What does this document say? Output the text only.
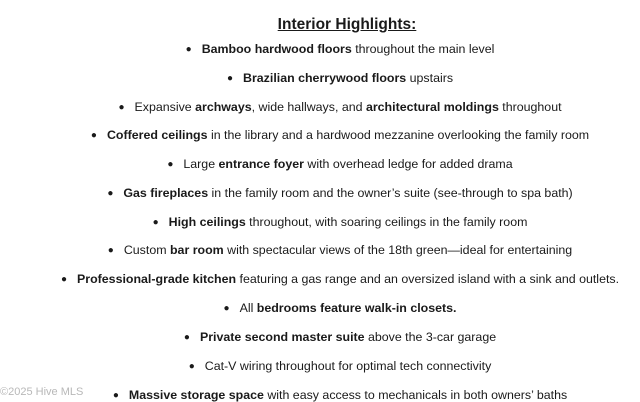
Interior Highlights:
● Bamboo hardwood floors throughout the main level
● Brazilian cherrywood floors upstairs
● Expansive archways, wide hallways, and architectural moldings throughout
● Coffered ceilings in the library and a hardwood mezzanine overlooking the family room
● Large entrance foyer with overhead ledge for added drama
● Gas fireplaces in the family room and the owner’s suite (see-through to spa bath)
● High ceilings throughout, with soaring ceilings in the family room
● Custom bar room with spectacular views of the 18th green—ideal for entertaining
● Professional-grade kitchen featuring a gas range and an oversized island with a sink and outlets.
● All bedrooms feature walk-in closets.
● Private second master suite above the 3-car garage
● Cat-V wiring throughout for optimal tech connectivity
● Massive storage space with easy access to mechanicals in both owners’ baths
©2025 Hive MLS
